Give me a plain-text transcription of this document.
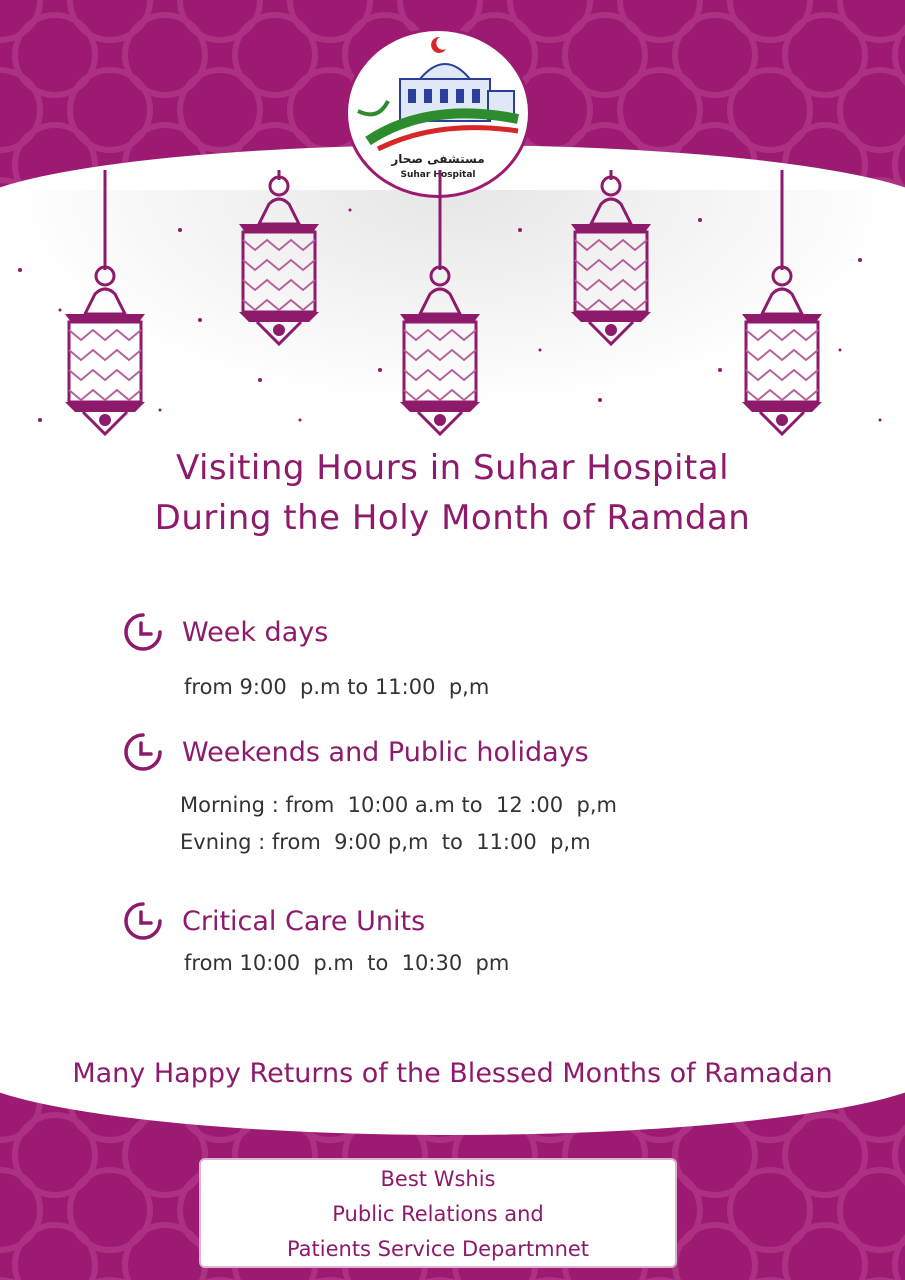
مستشفى صحار
Suhar Hospital
Visiting Hours in Suhar Hospital
During the Holy Month of Ramdan
Week days
from 9:00  p.m to 11:00  p,m
Weekends and Public holidays
Morning : from  10:00 a.m to  12 :00  p,m
Evning : from  9:00 p,m  to  11:00  p,m
Critical Care Units
from 10:00  p.m  to  10:30  pm
Many Happy Returns of the Blessed Months of Ramadan
Best Wshis
Public Relations and
Patients Service Departmnet
